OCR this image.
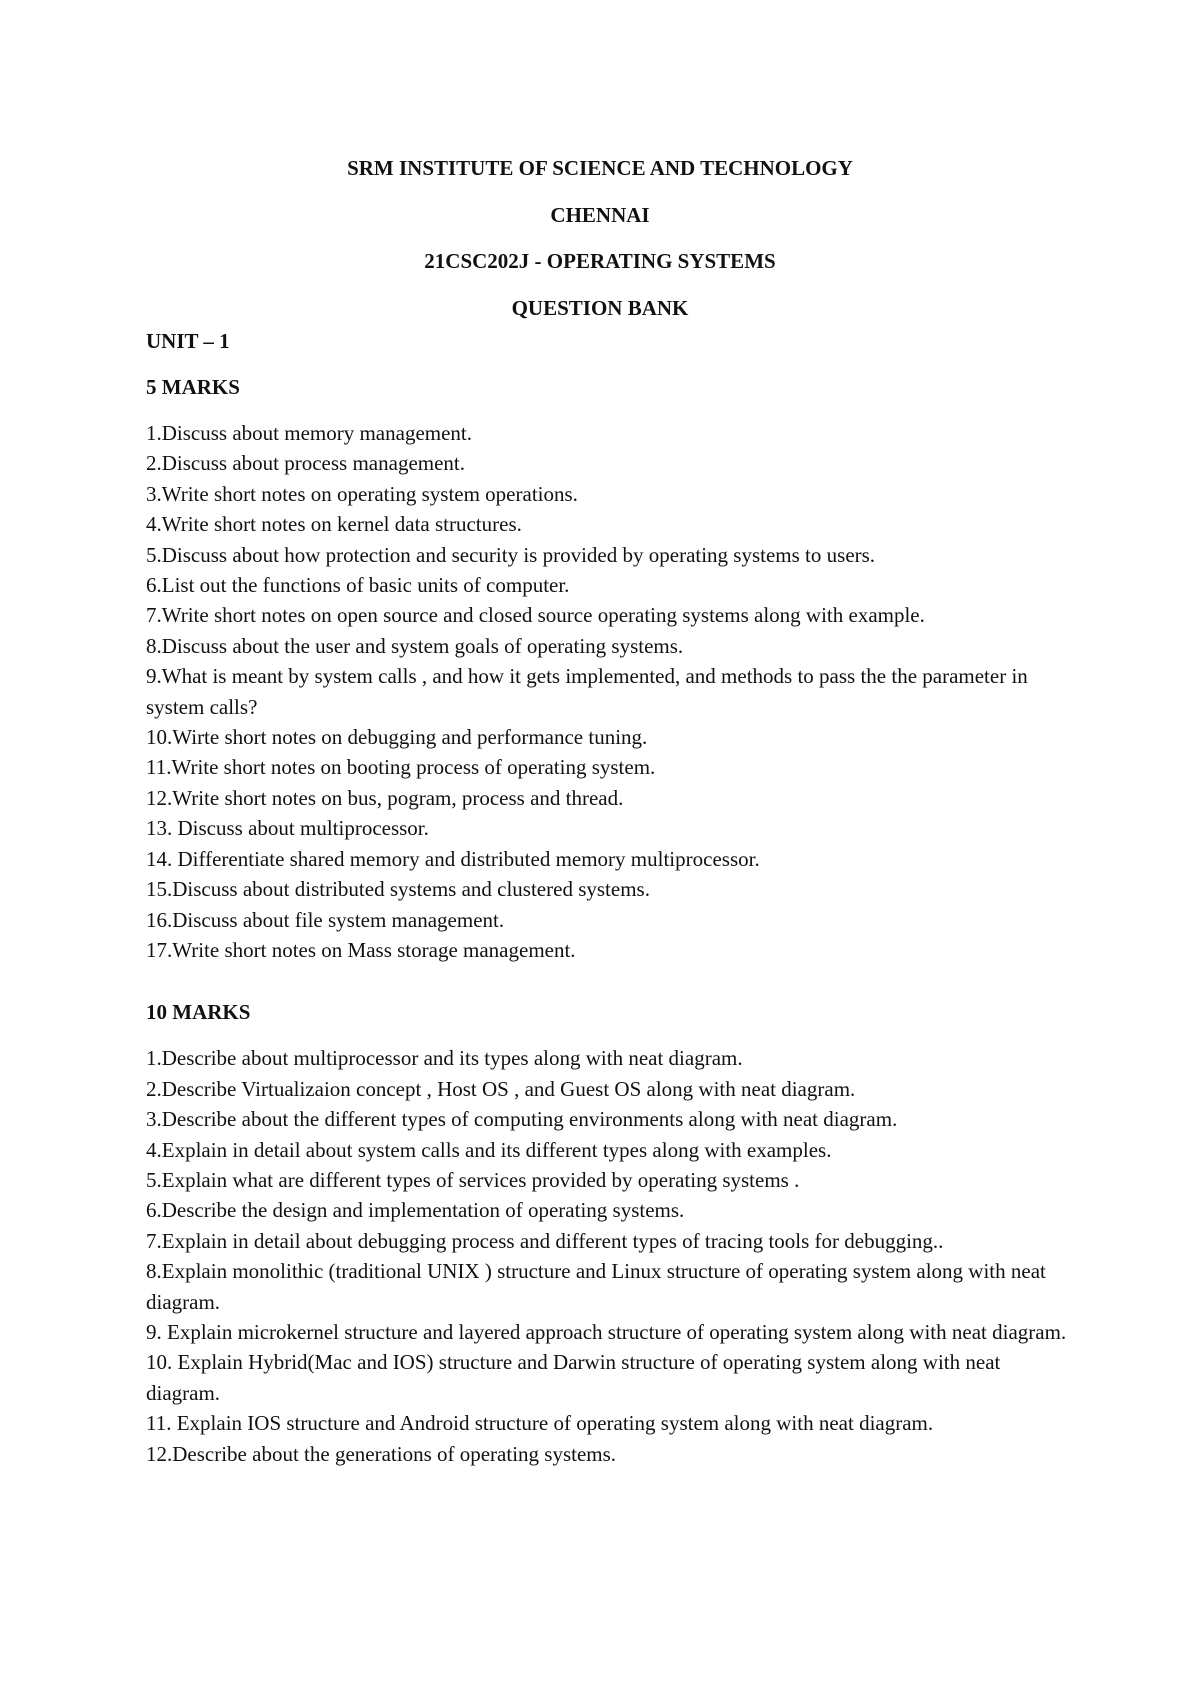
SRM INSTITUTE OF SCIENCE AND TECHNOLOGY
CHENNAI
21CSC202J - OPERATING SYSTEMS
QUESTION BANK
UNIT – 1
5 MARKS
1.Discuss about memory management.
2.Discuss about process management.
3.Write short notes on operating system operations.
4.Write short notes on kernel data structures.
5.Discuss about how protection and security is provided by operating systems to users.
6.List out the functions of basic units of computer.
7.Write short notes on open source and closed source operating systems along with example.
8.Discuss about the user and system goals of operating systems.
9.What is meant by system calls , and how it gets implemented, and methods to pass the the parameter in system calls?
10.Wirte short notes on debugging and performance tuning.
11.Write short notes on booting process of operating system.
12.Write short notes on bus, pogram, process and thread.
13. Discuss about multiprocessor.
14. Differentiate shared memory and distributed memory multiprocessor.
15.Discuss about distributed systems and clustered systems.
16.Discuss about file system management.
17.Write short notes on Mass storage management.
10 MARKS
1.Describe about multiprocessor and its types along with neat diagram.
2.Describe Virtualizaion concept , Host OS , and Guest OS along with neat diagram.
3.Describe about the different types of computing environments along with neat diagram.
4.Explain in detail about system calls and its different types along with examples.
5.Explain what are different types of services provided by operating systems .
6.Describe the design and implementation of operating systems.
7.Explain in detail about debugging process and different types of tracing tools for debugging..
8.Explain monolithic (traditional UNIX ) structure and Linux structure of operating system along with neat diagram.
9. Explain microkernel structure and layered approach structure of operating system along with neat diagram.
10. Explain Hybrid(Mac and IOS) structure and Darwin structure of operating system along with neat diagram.
11. Explain IOS structure and Android structure of operating system along with neat diagram.
12.Describe about the generations of operating systems.
